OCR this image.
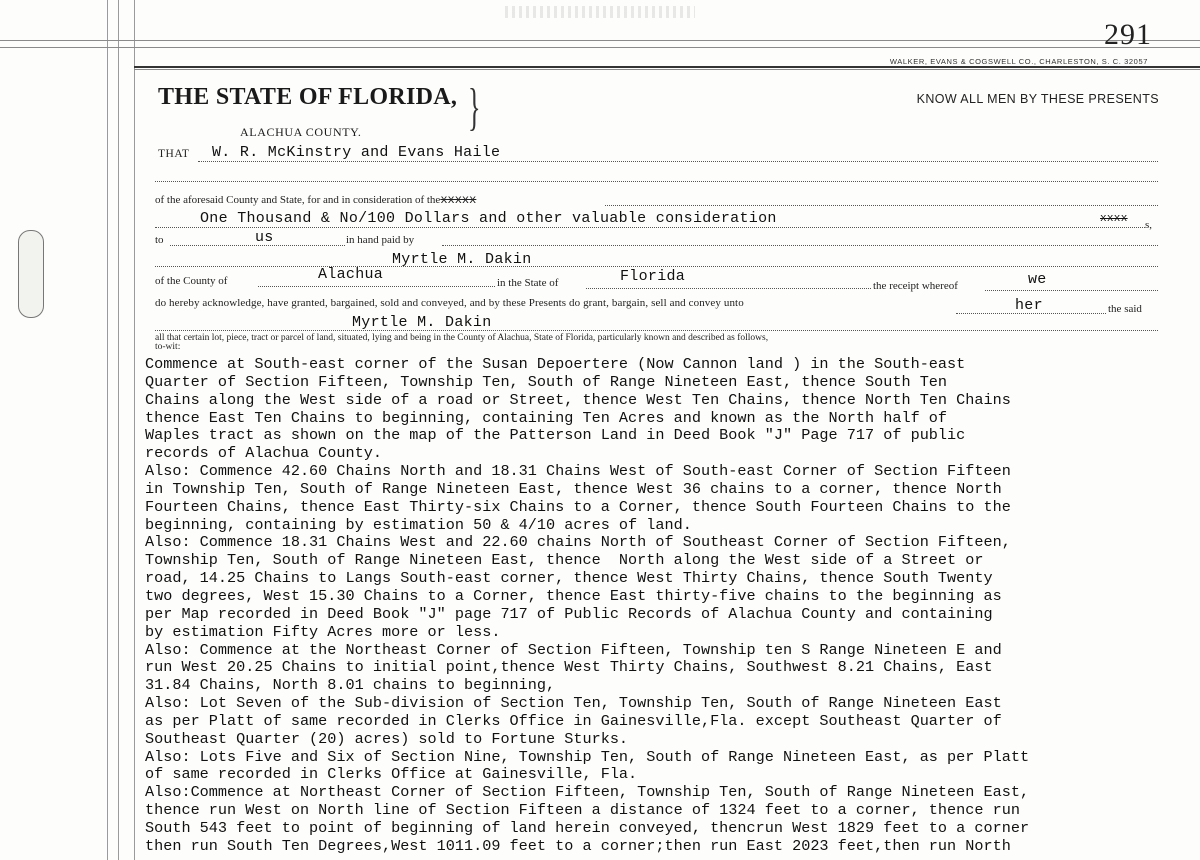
291
WALKER, EVANS & COGSWELL CO., CHARLESTON, S. C. 32057
THE STATE OF FLORIDA, }	KNOW ALL MEN BY THESE PRESENTS
ALACHUA COUNTY.
THAT W. R. McKinstry and Evans Haile
of the aforesaid County and State, for and in consideration of thexxxxx
One Thousand & No/100 Dollars and other valuable consideration	xxxx s,
to	us	in hand paid by
Myrtle M. Dakin
of the County of	Alachua	in the State of	Florida
the receipt whereof	we
do hereby acknowledge, have granted, bargained, sold and conveyed, and by these Presents do grant, bargain, sell and convey unto	her	the said
Myrtle M. Dakin
all that certain lot, piece, tract or parcel of land, situated, lying and being in the County of Alachua, State of Florida, particularly known and described as follows,
to-wit:
Commence at South-east corner of the Susan Depoertere (Now Cannon land ) in the South-east
Quarter of Section Fifteen, Township Ten, South of Range Nineteen East, thence South Ten
Chains along the West side of a road or Street, thence West Ten Chains, thence North Ten Chains
thence East Ten Chains to beginning, containing Ten Acres and known as the North half of
Waples tract as shown on the map of the Patterson Land in Deed Book "J" Page 717 of public
records of Alachua County.
Also: Commence 42.60 Chains North and 18.31 Chains West of South-east Corner of Section Fifteen
in Township Ten, South of Range Nineteen East, thence West 36 chains to a corner, thence North
Fourteen Chains, thence East Thirty-six Chains to a Corner, thence South Fourteen Chains to the
beginning, containing by estimation 50 & 4/10 acres of land.
Also: Commence 18.31 Chains West and 22.60 chains North of Southeast Corner of Section Fifteen,
Township Ten, South of Range Nineteen East, thence  North along the West side of a Street or
road, 14.25 Chains to Langs South-east corner, thence West Thirty Chains, thence South Twenty
two degrees, West 15.30 Chains to a Corner, thence East thirty-five chains to the beginning as
per Map recorded in Deed Book "J" page 717 of Public Records of Alachua County and containing
by estimation Fifty Acres more or less.
Also: Commence at the Northeast Corner of Section Fifteen, Township ten S Range Nineteen E and
run West 20.25 Chains to initial point,thence West Thirty Chains, Southwest 8.21 Chains, East
31.84 Chains, North 8.01 chains to beginning,
Also: Lot Seven of the Sub-division of Section Ten, Township Ten, South of Range Nineteen East
as per Platt of same recorded in Clerks Office in Gainesville,Fla. except Southeast Quarter of
Southeast Quarter (20) acres) sold to Fortune Sturks.
Also: Lots Five and Six of Section Nine, Township Ten, South of Range Nineteen East, as per Platt
of same recorded in Clerks Office at Gainesville, Fla.
Also:Commence at Northeast Corner of Section Fifteen, Township Ten, South of Range Nineteen East,
thence run West on North line of Section Fifteen a distance of 1324 feet to a corner, thence run
South 543 feet to point of beginning of land herein conveyed, thencrun West 1829 feet to a corner
then run South Ten Degrees,West 1011.09 feet to a corner;then run East 2023 feet,then run North
